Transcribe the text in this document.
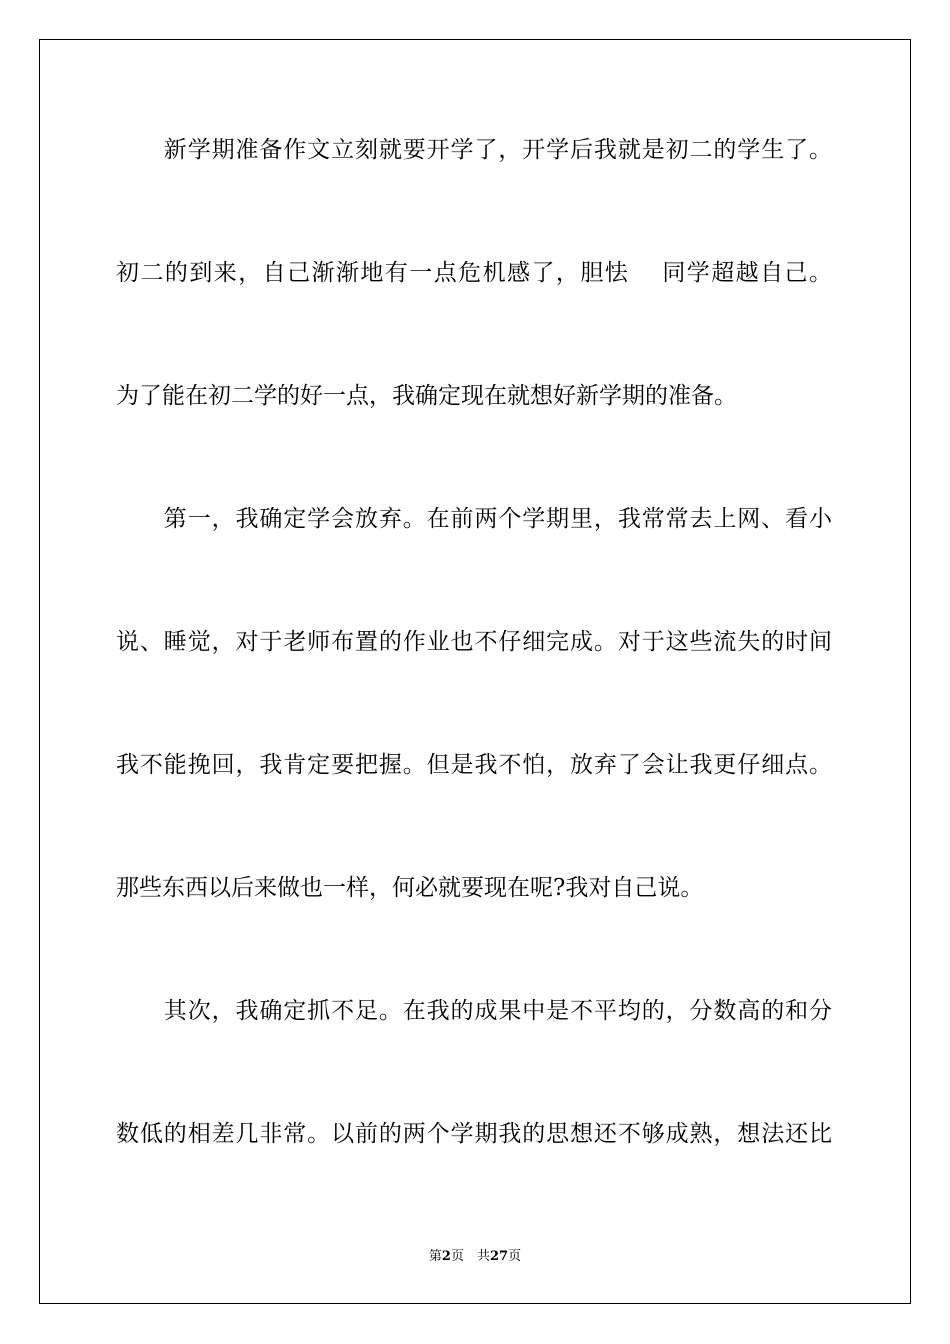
　　新学期准备作文立刻就要开学了，开学后我就是初二的学生了。
初二的到来，自己渐渐地有一点危机感了，胆怯　 同学超越自己。
为了能在初二学的好一点，我确定现在就想好新学期的准备。
　　第一，我确定学会放弃。在前两个学期里，我常常去上网、看小
说、睡觉，对于老师布置的作业也不仔细完成。对于这些流失的时间
我不能挽回，我肯定要把握。但是我不怕，放弃了会让我更仔细点。
那些东西以后来做也一样，何必就要现在呢?我对自己说。
　　其次，我确定抓不足。在我的成果中是不平均的，分数高的和分
数低的相差几非常。以前的两个学期我的思想还不够成熟，想法还比
第2页　共27页
